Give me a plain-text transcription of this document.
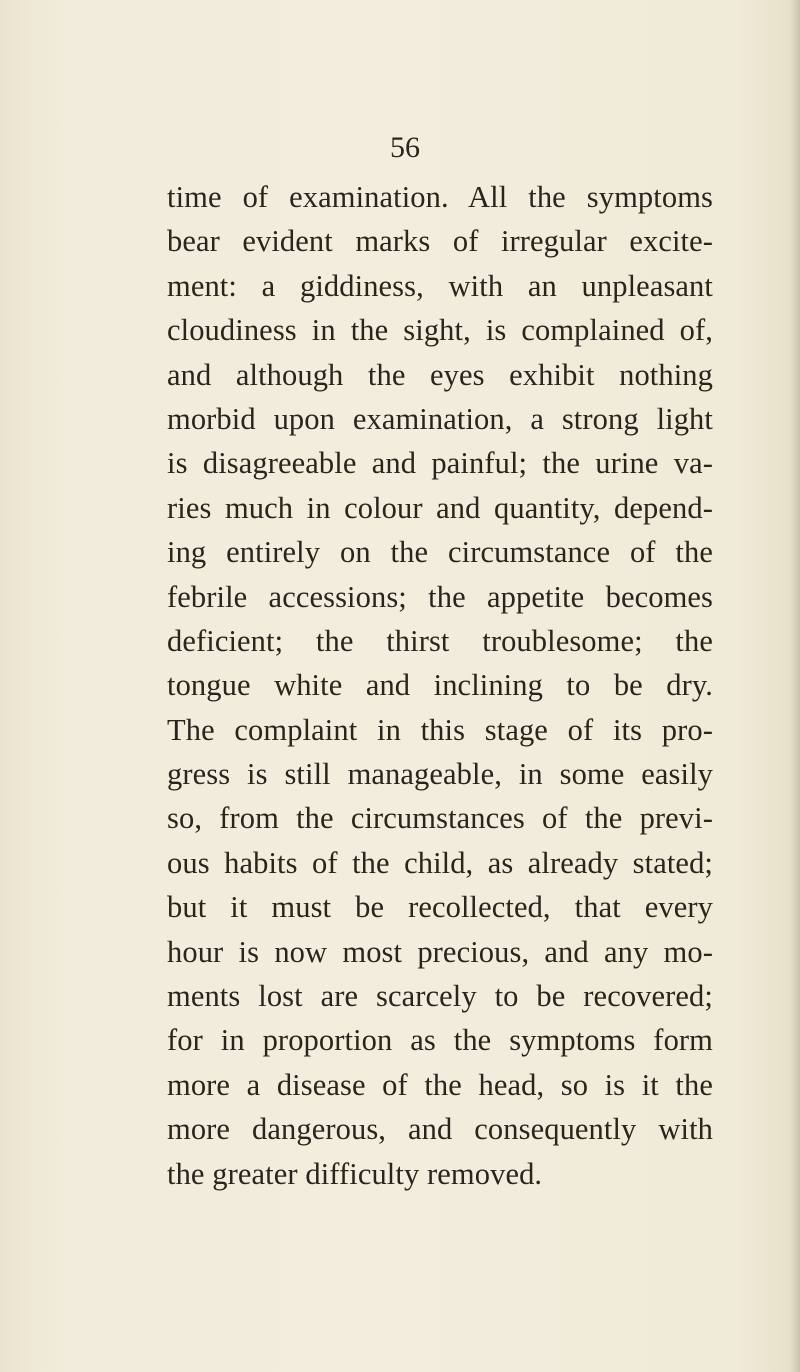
56
time of examination. All the symptoms
bear evident marks of irregular excite-
ment: a giddiness, with an unpleasant
cloudiness in the sight, is complained of,
and although the eyes exhibit nothing
morbid upon examination, a strong light
is disagreeable and painful; the urine va-
ries much in colour and quantity, depend-
ing entirely on the circumstance of the
febrile accessions; the appetite becomes
deficient; the thirst troublesome; the
tongue white and inclining to be dry.
The complaint in this stage of its pro-
gress is still manageable, in some easily
so, from the circumstances of the previ-
ous habits of the child, as already stated;
but it must be recollected, that every
hour is now most precious, and any mo-
ments lost are scarcely to be recovered;
for in proportion as the symptoms form
more a disease of the head, so is it the
more dangerous, and consequently with
the greater difficulty removed.
